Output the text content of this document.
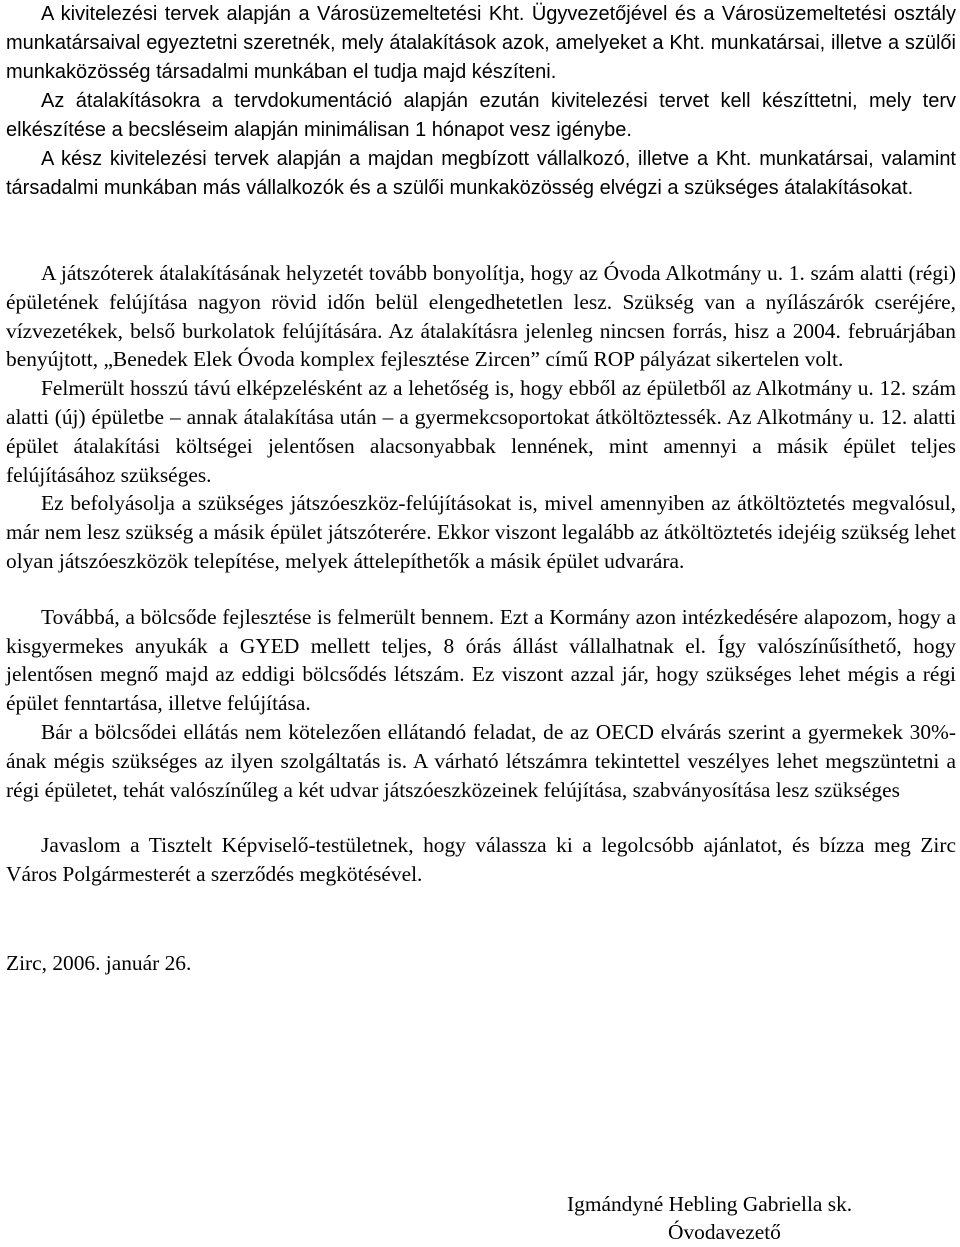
A kivitelezési tervek alapján a Városüzemeltetési Kht. Ügyvezetőjével és a Városüzemeltetési osztály munkatársaival egyeztetni szeretnék, mely átalakítások azok, amelyeket a Kht. munkatársai, illetve a szülői munkaközösség társadalmi munkában el tudja majd készíteni.

Az átalakításokra a tervdokumentáció alapján ezután kivitelezési tervet kell készíttetni, mely terv elkészítése a becsléseim alapján minimálisan 1 hónapot vesz igénybe.

A kész kivitelezési tervek alapján a majdan megbízott vállalkozó, illetve a Kht. munkatársai, valamint társadalmi munkában más vállalkozók és a szülői munkaközösség elvégzi a szükséges átalakításokat.

A játszóterek átalakításának helyzetét tovább bonyolítja, hogy az Óvoda Alkotmány u. 1. szám alatti (régi) épületének felújítása nagyon rövid időn belül elengedhetetlen lesz. Szükség van a nyílászárók cseréjére, vízvezetékek, belső burkolatok felújítására. Az átalakításra jelenleg nincsen forrás, hisz a 2004. februárjában benyújtott, „Benedek Elek Óvoda komplex fejlesztése Zircen” című ROP pályázat sikertelen volt.

Felmerült hosszú távú elképzelésként az a lehetőség is, hogy ebből az épületből az Alkotmány u. 12. szám alatti (új) épületbe – annak átalakítása után – a gyermekcsoportokat átköltöztessék. Az Alkotmány u. 12. alatti épület átalakítási költségei jelentősen alacsonyabbak lennének, mint amennyi a másik épület teljes felújításához szükséges.

Ez befolyásolja a szükséges játszóeszköz-felújításokat is, mivel amennyiben az átköltöztetés megvalósul, már nem lesz szükség a másik épület játszóterére. Ekkor viszont legalább az átköltöztetés idejéig szükség lehet olyan játszóeszközök telepítése, melyek áttelepíthetők a másik épület udvarára.

Továbbá, a bölcsőde fejlesztése is felmerült bennem. Ezt a Kormány azon intézkedésére alapozom, hogy a kisgyermekes anyukák a GYED mellett teljes, 8 órás állást vállalhatnak el. Így valószínűsíthető, hogy jelentősen megnő majd az eddigi bölcsődés létszám. Ez viszont azzal jár, hogy szükséges lehet mégis a régi épület fenntartása, illetve felújítása.

Bár a bölcsődei ellátás nem kötelezően ellátandó feladat, de az OECD elvárás szerint a gyermekek 30%-ának mégis szükséges az ilyen szolgáltatás is. A várható létszámra tekintettel veszélyes lehet megszüntetni a régi épületet, tehát valószínűleg a két udvar játszóeszközeinek felújítása, szabványosítása lesz szükséges

Javaslom a Tisztelt Képviselő-testületnek, hogy válassza ki a legolcsóbb ajánlatot, és bízza meg Zirc Város Polgármesterét a szerződés megkötésével.

Zirc, 2006. január 26.

Igmándyné Hebling Gabriella sk.
Óvodavezető
